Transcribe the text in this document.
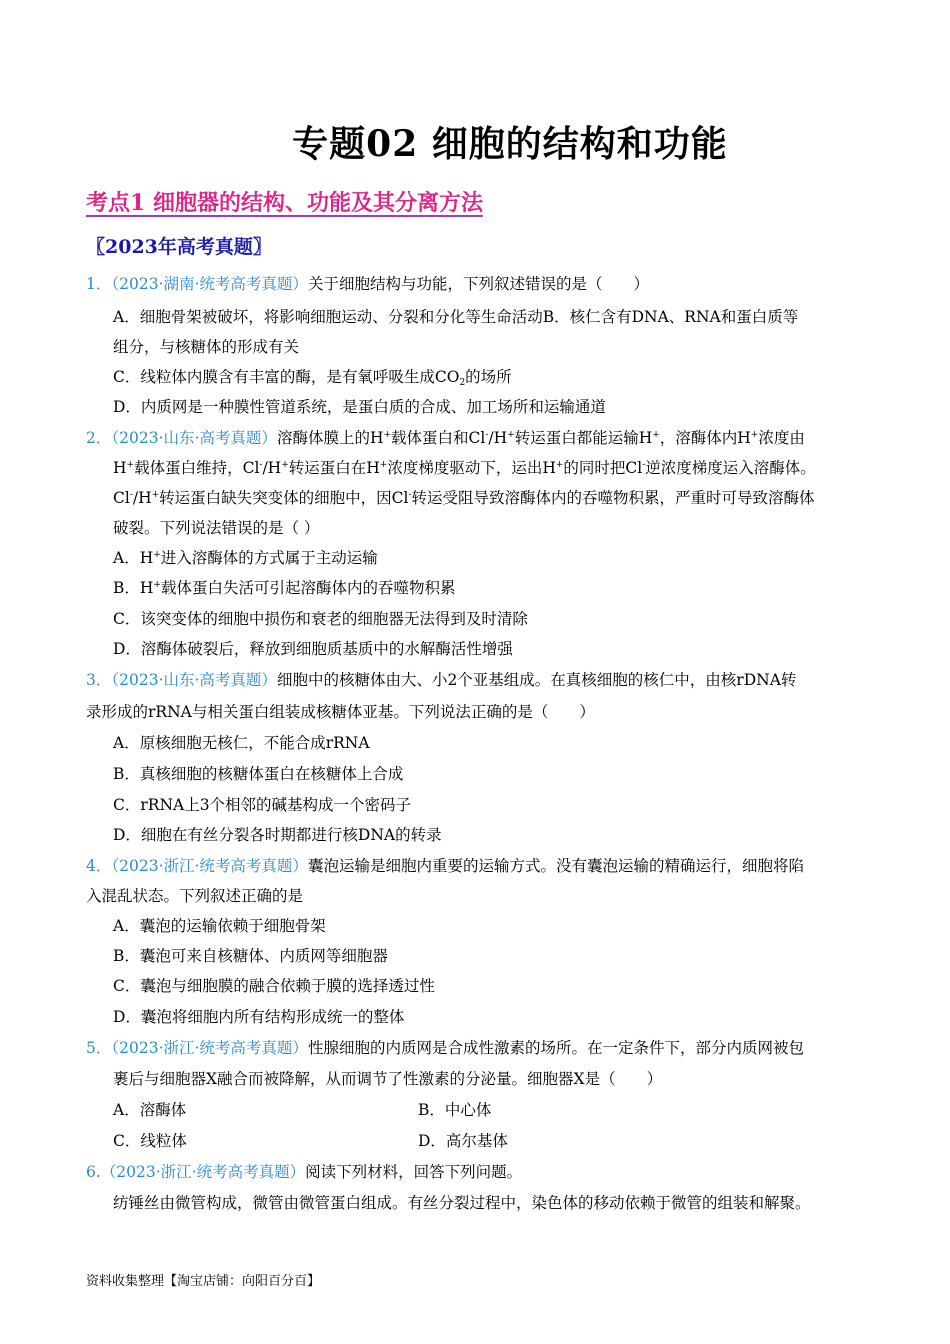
专题02 细胞的结构和功能
考点1 细胞器的结构、功能及其分离方法
〖2023年高考真题〗
1．（2023·湖南·统考高考真题）关于细胞结构与功能，下列叙述错误的是（　　）
A．细胞骨架被破坏，将影响细胞运动、分裂和分化等生命活动B．核仁含有DNA、RNA和蛋白质等
组分，与核糖体的形成有关
C．线粒体内膜含有丰富的酶，是有氧呼吸生成$CO_2$的场所
D．内质网是一种膜性管道系统，是蛋白质的合成、加工场所和运输通道
2．（2023·山东·高考真题）溶酶体膜上的H+载体蛋白和Cl-/H+转运蛋白都能运输H+，溶酶体内H+浓度由
H+载体蛋白维持，Cl-/H+转运蛋白在H+浓度梯度驱动下，运出H+的同时把Cl-逆浓度梯度运入溶酶体。
Cl-/H+转运蛋白缺失突变体的细胞中，因Cl-转运受阻导致溶酶体内的吞噬物积累，严重时可导致溶酶体
破裂。下列说法错误的是（ ）
A．H+进入溶酶体的方式属于主动运输
B．H+载体蛋白失活可引起溶酶体内的吞噬物积累
C．该突变体的细胞中损伤和衰老的细胞器无法得到及时清除
D．溶酶体破裂后，释放到细胞质基质中的水解酶活性增强
3．（2023·山东·高考真题）细胞中的核糖体由大、小2个亚基组成。在真核细胞的核仁中，由核rDNA转
录形成的rRNA与相关蛋白组装成核糖体亚基。下列说法正确的是（　　）
A．原核细胞无核仁，不能合成rRNA
B．真核细胞的核糖体蛋白在核糖体上合成
C．rRNA上3个相邻的碱基构成一个密码子
D．细胞在有丝分裂各时期都进行核DNA的转录
4．（2023·浙江·统考高考真题）囊泡运输是细胞内重要的运输方式。没有囊泡运输的精确运行，细胞将陷
入混乱状态。下列叙述正确的是
A．囊泡的运输依赖于细胞骨架
B．囊泡可来自核糖体、内质网等细胞器
C．囊泡与细胞膜的融合依赖于膜的选择透过性
D．囊泡将细胞内所有结构形成统一的整体
5．（2023·浙江·统考高考真题）性腺细胞的内质网是合成性激素的场所。在一定条件下，部分内质网被包
裹后与细胞器X融合而被降解，从而调节了性激素的分泌量。细胞器X是（　　）
A．溶酶体	B．中心体
C．线粒体	D．高尔基体
6.（2023·浙江·统考高考真题）阅读下列材料，回答下列问题。
纺锤丝由微管构成，微管由微管蛋白组成。有丝分裂过程中，染色体的移动依赖于微管的组装和解聚。
资料收集整理【淘宝店铺：向阳百分百】
